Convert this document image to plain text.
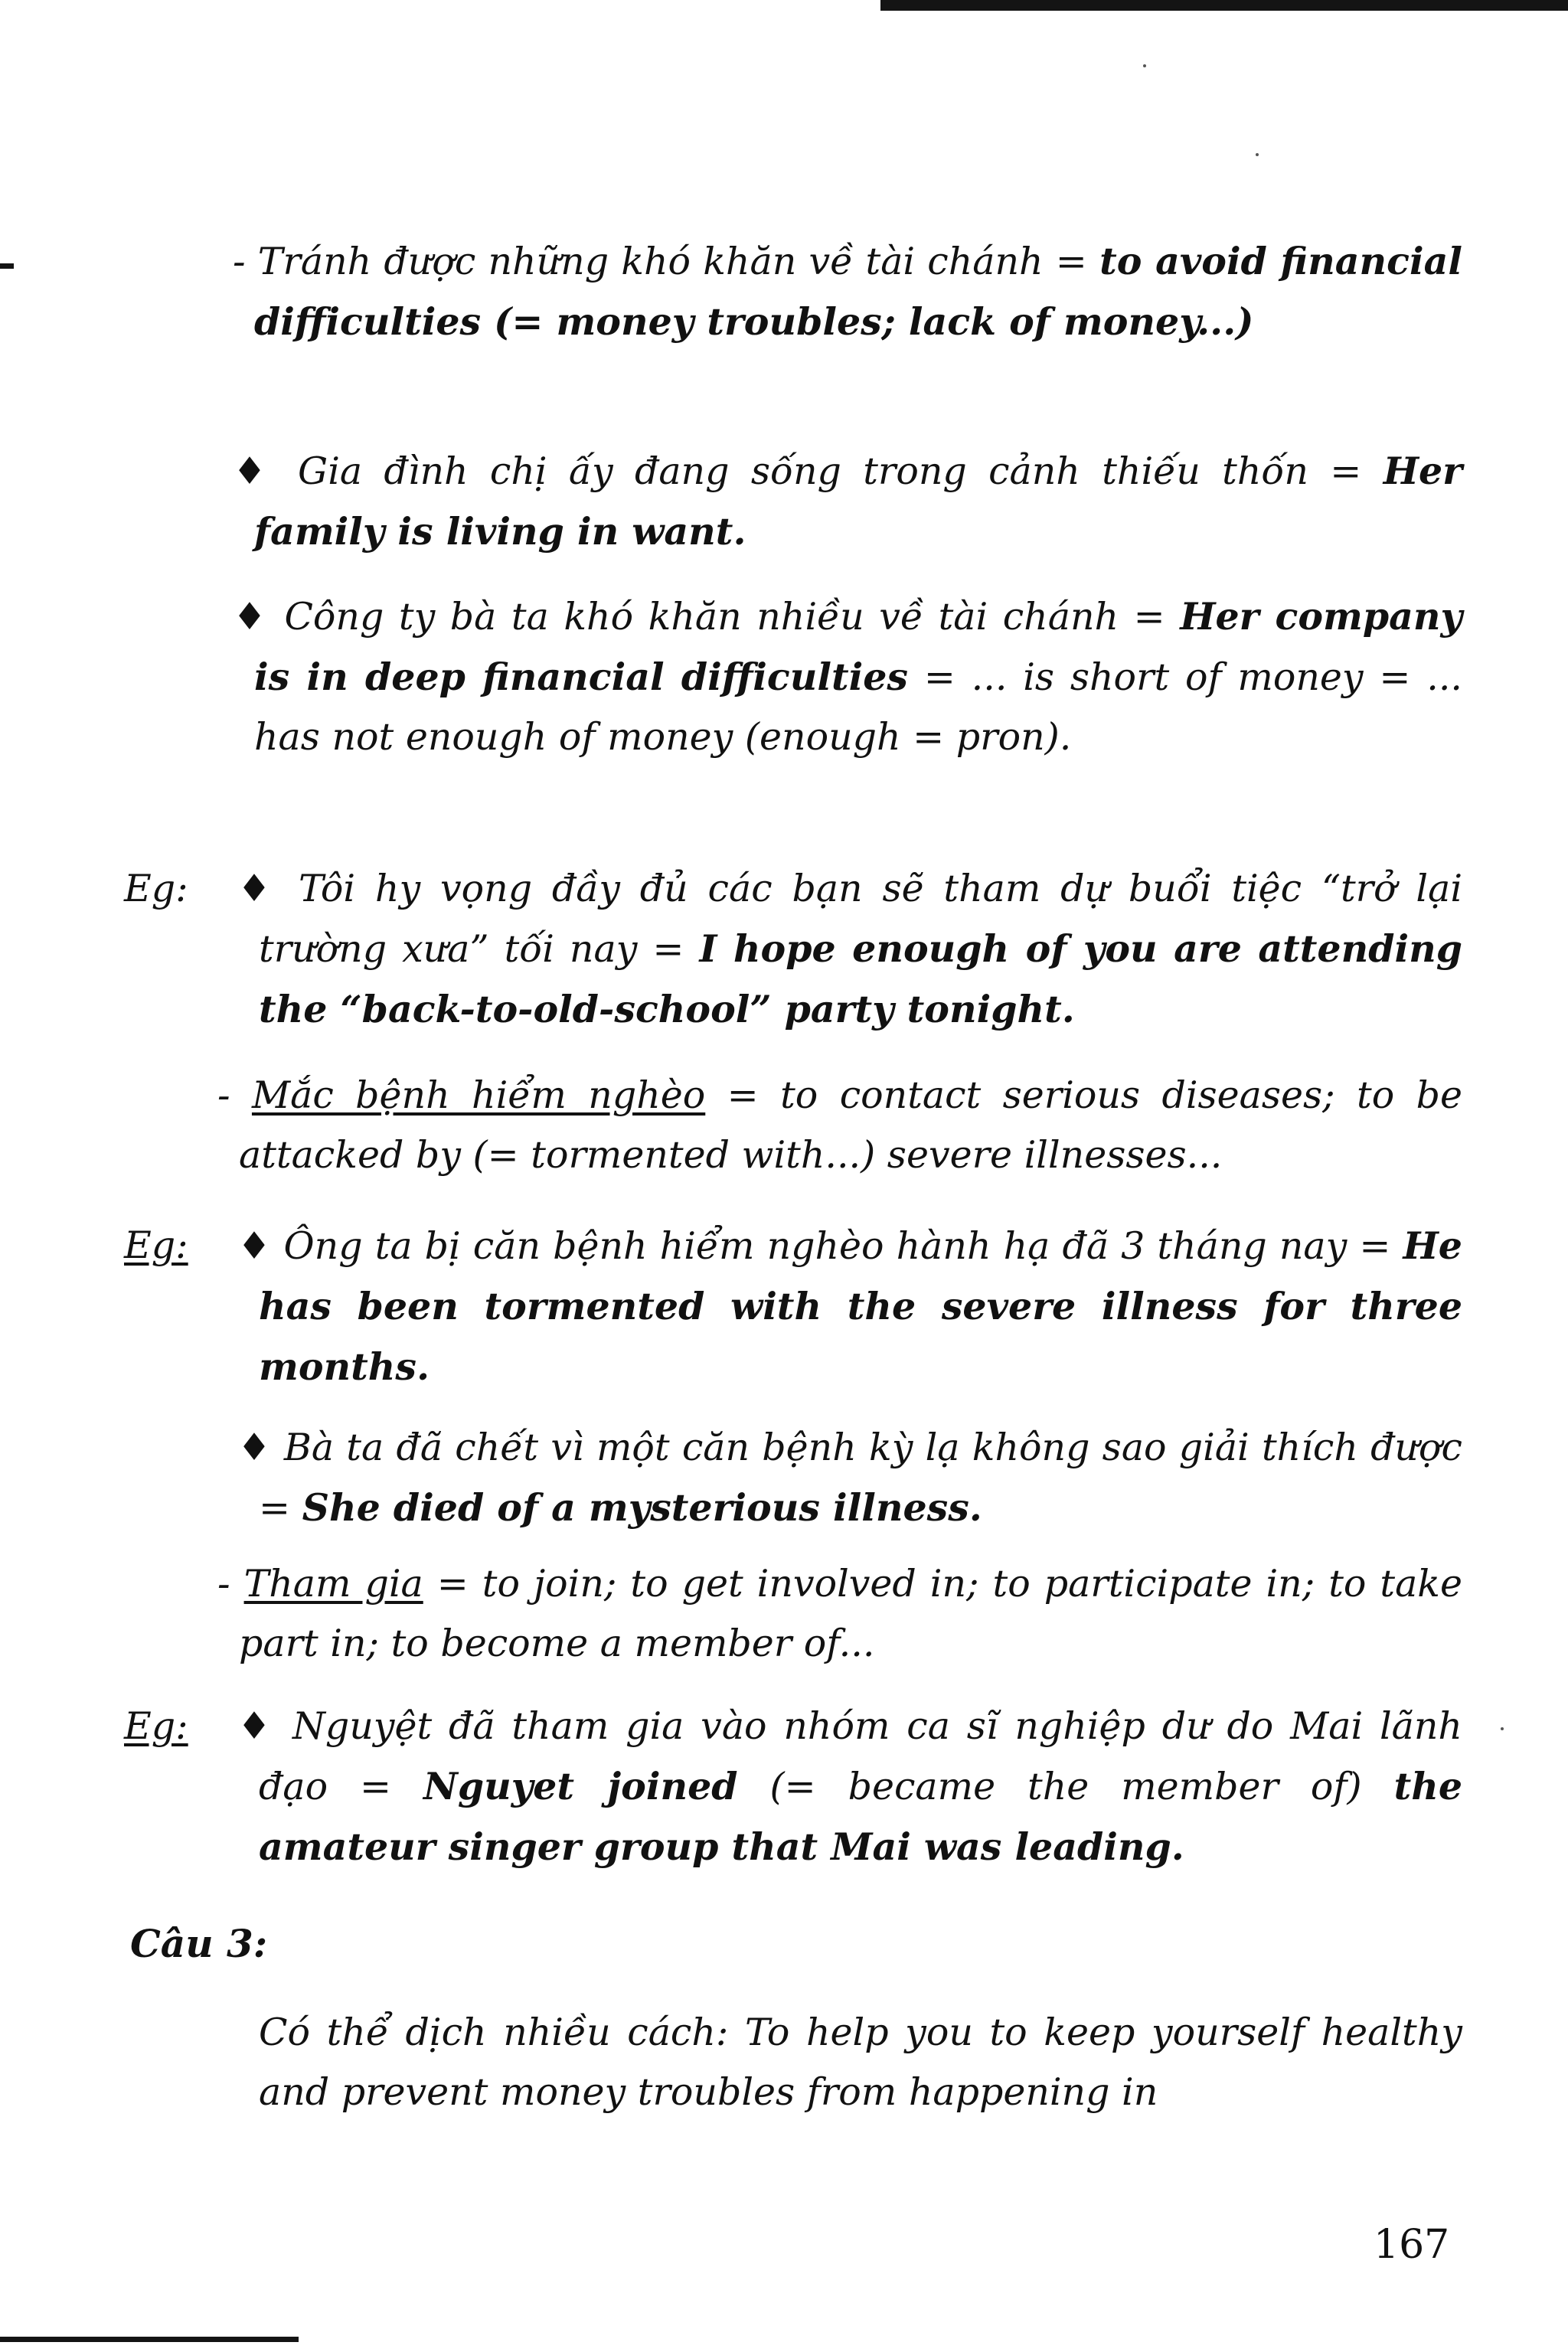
- Tránh được những khó khăn về tài chánh = to avoid financial difficulties (= money troubles; lack of money...)
♦ Gia đình chị ấy đang sống trong cảnh thiếu thốn = Her family is living in want.
♦ Công ty bà ta khó khăn nhiều về tài chánh = Her company is in deep financial difficulties = ... is short of money = ... has not enough of money (enough = pron).
Eg: ♦ Tôi hy vọng đầy đủ các bạn sẽ tham dự buổi tiệc “trở lại trường xưa” tối nay = I hope enough of you are attending the “back-to-old-school” party tonight.
- Mắc bệnh hiểm nghèo = to contact serious diseases; to be attacked by (= tormented with...) severe illnesses...
Eg: ♦ Ông ta bị căn bệnh hiểm nghèo hành hạ đã 3 tháng nay = He has been tormented with the severe illness for three months.
♦ Bà ta đã chết vì một căn bệnh kỳ lạ không sao giải thích được = She died of a mysterious illness.
- Tham gia = to join; to get involved in; to participate in; to take part in; to become a member of...
Eg: ♦ Nguyệt đã tham gia vào nhóm ca sĩ nghiệp dư do Mai lãnh đạo = Nguyet joined (= became the member of) the amateur singer group that Mai was leading.
Câu 3:
Có thể dịch nhiều cách: To help you to keep yourself healthy and prevent money troubles from happening in
167
